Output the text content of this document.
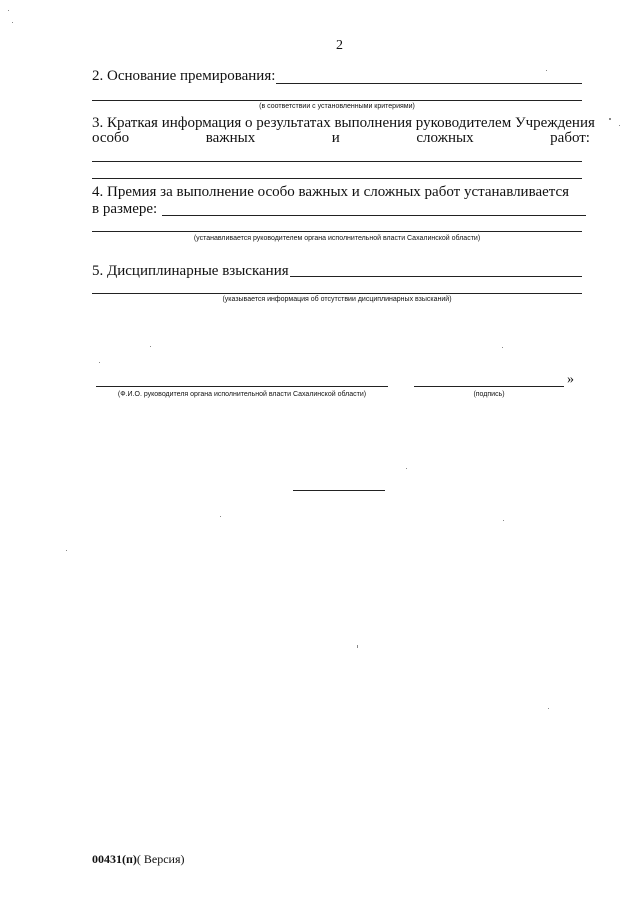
2
2. Основание премирования:
(в соответствии с установленными критериями)
3. Краткая информация о результатах выполнения руководителем Учреждения
особо	важных	и	сложных	работ:
4. Премия за выполнение особо важных и сложных работ устанавливается
в размере:
(устанавливается руководителем органа исполнительной власти Сахалинской области)
5. Дисциплинарные взыскания
(указывается информация об отсутствии дисциплинарных взысканий)
(Ф.И.О. руководителя органа исполнительной власти Сахалинской области)	(подпись)
»
00431(п)( Версия)
